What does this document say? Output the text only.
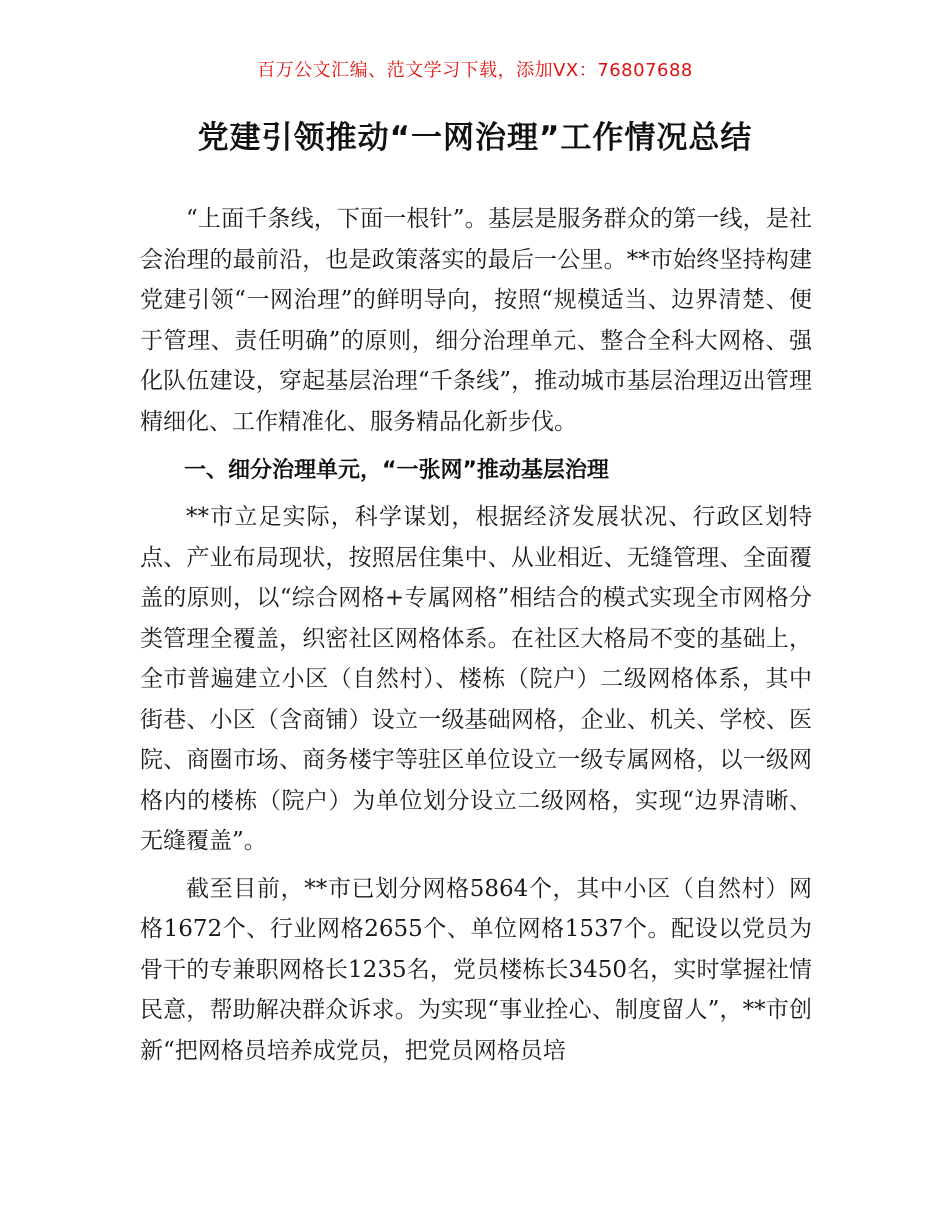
百万公文汇编、范文学习下载，添加VX：76807688
党建引领推动“一网治理”工作情况总结

“上面千条线，下面一根针”。基层是服务群众的第一线，是社会治理的最前沿，也是政策落实的最后一公里。**市始终坚持构建党建引领“一网治理”的鲜明导向，按照“规模适当、边界清楚、便于管理、责任明确”的原则，细分治理单元、整合全科大网格、强化队伍建设，穿起基层治理“千条线”，推动城市基层治理迈出管理精细化、工作精准化、服务精品化新步伐。

一、细分治理单元，“一张网”推动基层治理

**市立足实际，科学谋划，根据经济发展状况、行政区划特点、产业布局现状，按照居住集中、从业相近、无缝管理、全面覆盖的原则，以“综合网格+专属网格”相结合的模式实现全市网格分类管理全覆盖，织密社区网格体系。在社区大格局不变的基础上，全市普遍建立小区（自然村）、楼栋（院户）二级网格体系，其中街巷、小区（含商铺）设立一级基础网格，企业、机关、学校、医院、商圈市场、商务楼宇等驻区单位设立一级专属网格，以一级网格内的楼栋（院户）为单位划分设立二级网格，实现“边界清晰、无缝覆盖”。

截至目前，**市已划分网格5864个，其中小区（自然村）网格1672个、行业网格2655个、单位网格1537个。配设以党员为骨干的专兼职网格长1235名，党员楼栋长3450名，实时掌握社情民意，帮助解决群众诉求。为实现“事业拴心、制度留人”，**市创新“把网格员培养成党员，把党员网格员培
